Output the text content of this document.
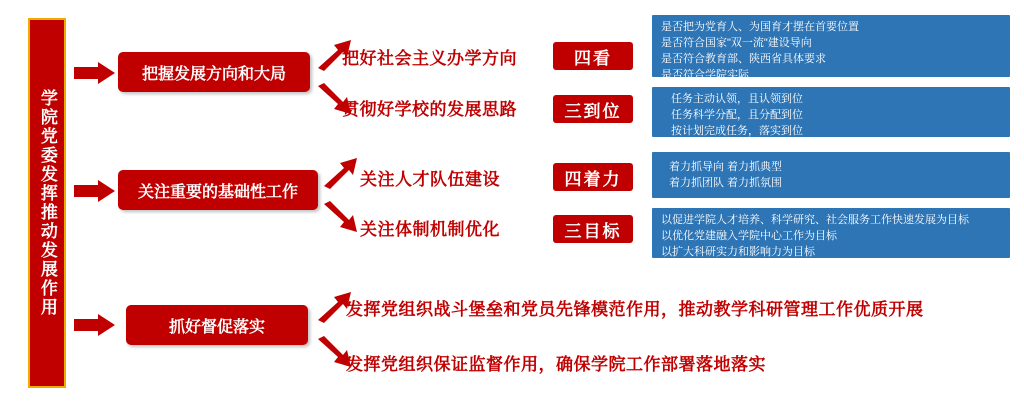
学院党委发挥推动发展作用
把握发展方向和大局
把好社会主义办学方向
贯彻好学校的发展思路
四看
三到位
是否把为党育人、为国育才摆在首要位置
是否符合国家"双一流"建设导向
是否符合教育部、陕西省具体要求
是否符合学院实际
任务主动认领，且认领到位
任务科学分配，且分配到位
按计划完成任务，落实到位
关注重要的基础性工作
关注人才队伍建设
关注体制机制优化
四着力
三目标
着力抓导向 着力抓典型
着力抓团队 着力抓氛围
以促进学院人才培养、科学研究、社会服务工作快速发展为目标
以优化党建融入学院中心工作为目标
以扩大科研实力和影响力为目标
抓好督促落实
发挥党组织战斗堡垒和党员先锋模范作用，推动教学科研管理工作优质开展
发挥党组织保证监督作用，确保学院工作部署落地落实
